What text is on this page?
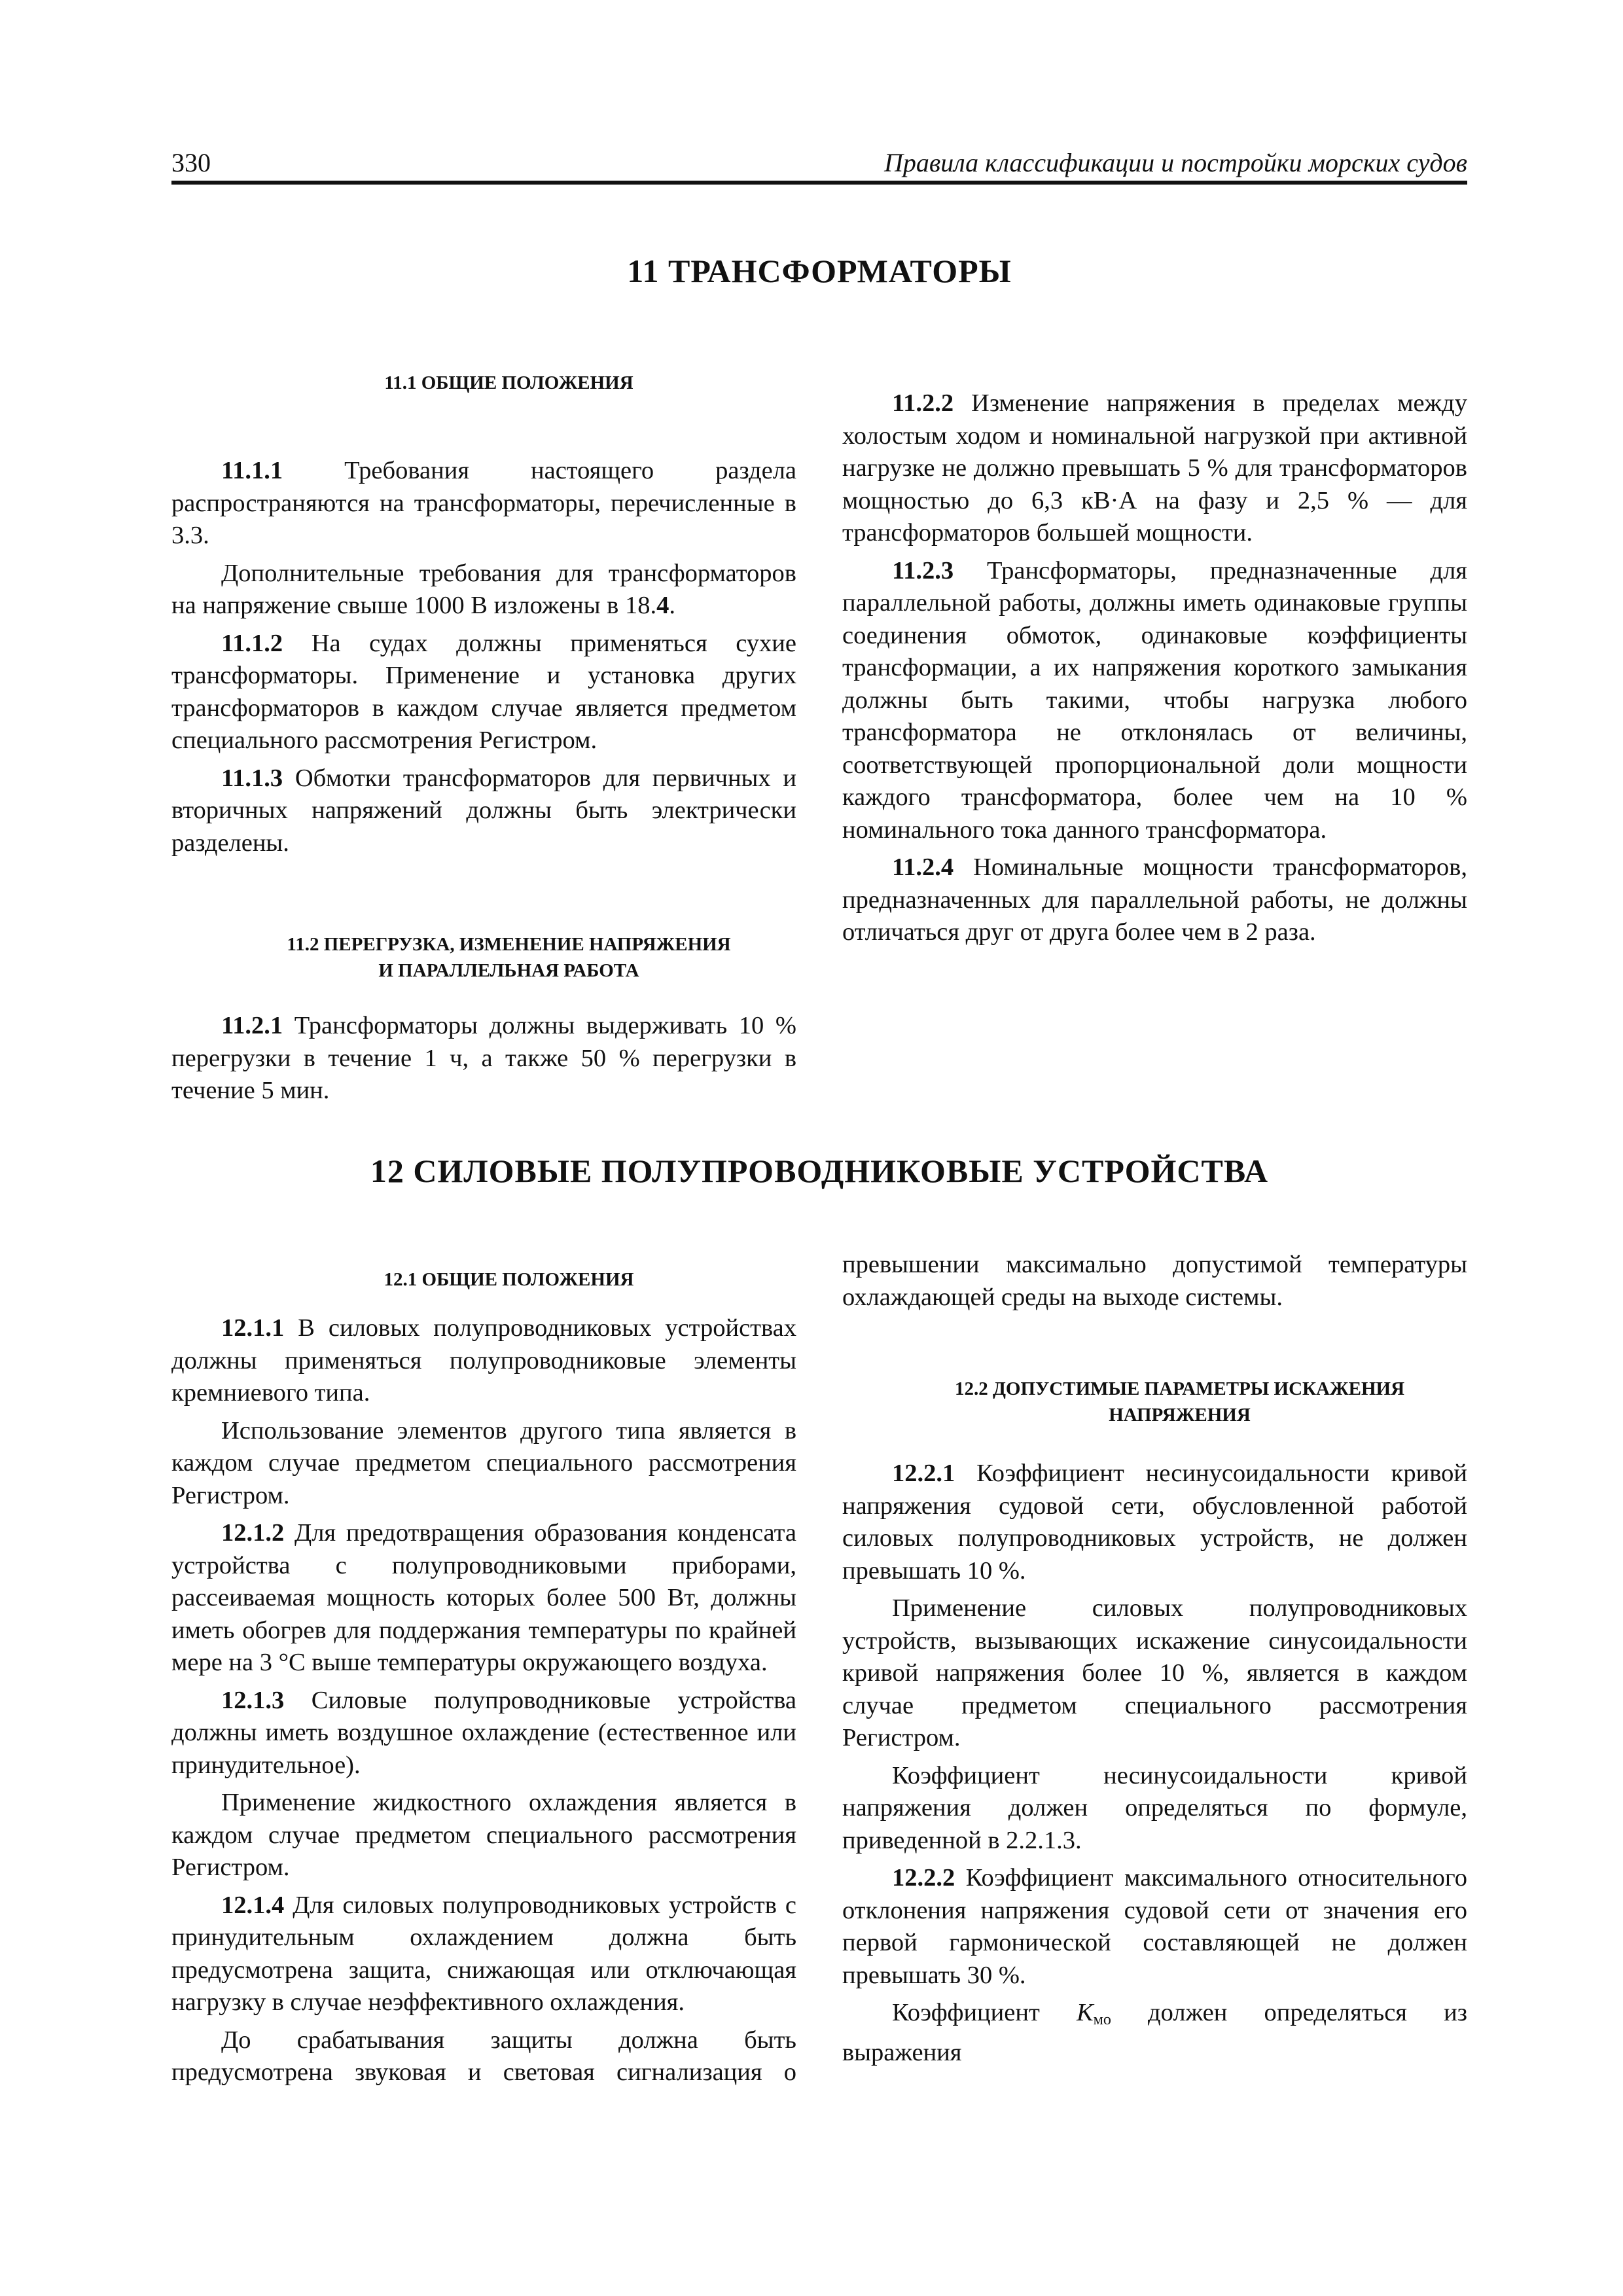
330	Правила классификации и постройки морских судов
11 ТРАНСФОРМАТОРЫ

11.1 ОБЩИЕ ПОЛОЖЕНИЯ

11.1.1 Требования настоящего раздела распространяются на трансформаторы, перечисленные в 3.3.

Дополнительные требования для трансформаторов на напряжение свыше 1000 В изложены в 18.4.

11.1.2 На судах должны применяться сухие трансформаторы. Применение и установка других трансформаторов в каждом случае является предметом специального рассмотрения Регистром.

11.1.3 Обмотки трансформаторов для первичных и вторичных напряжений должны быть электрически разделены.

11.2 ПЕРЕГРУЗКА, ИЗМЕНЕНИЕ НАПРЯЖЕНИЯ
И ПАРАЛЛЕЛЬНАЯ РАБОТА

11.2.1 Трансформаторы должны выдерживать 10 % перегрузки в течение 1 ч, а также 50 % перегрузки в течение 5 мин.

11.2.2 Изменение напряжения в пределах между холостым ходом и номинальной нагрузкой при активной нагрузке не должно превышать 5 % для трансформаторов мощностью до 6,3 кВ·А на фазу и 2,5 % — для трансформаторов большей мощности.

11.2.3 Трансформаторы, предназначенные для параллельной работы, должны иметь одинаковые группы соединения обмоток, одинаковые коэффициенты трансформации, а их напряжения короткого замыкания должны быть такими, чтобы нагрузка любого трансформатора не отклонялась от величины, соответствующей пропорциональной доли мощности каждого трансформатора, более чем на 10 % номинального тока данного трансформатора.

11.2.4 Номинальные мощности трансформаторов, предназначенных для параллельной работы, не должны отличаться друг от друга более чем в 2 раза.

12 СИЛОВЫЕ ПОЛУПРОВОДНИКОВЫЕ УСТРОЙСТВА

12.1 ОБЩИЕ ПОЛОЖЕНИЯ

12.1.1 В силовых полупроводниковых устройствах должны применяться полупроводниковые элементы кремниевого типа.

Использование элементов другого типа является в каждом случае предметом специального рассмотрения Регистром.

12.1.2 Для предотвращения образования конденсата устройства с полупроводниковыми приборами, рассеиваемая мощность которых более 500 Вт, должны иметь обогрев для поддержания температуры по крайней мере на 3 °С выше температуры окружающего воздуха.

12.1.3 Силовые полупроводниковые устройства должны иметь воздушное охлаждение (естественное или принудительное).

Применение жидкостного охлаждения является в каждом случае предметом специального рассмотрения Регистром.

12.1.4 Для силовых полупроводниковых устройств с принудительным охлаждением должна быть предусмотрена защита, снижающая или отключающая нагрузку в случае неэффективного охлаждения.

До срабатывания защиты должна быть предусмотрена звуковая и световая сигнализация о

превышении максимально допустимой температуры охлаждающей среды на выходе системы.

12.2 ДОПУСТИМЫЕ ПАРАМЕТРЫ ИСКАЖЕНИЯ
НАПРЯЖЕНИЯ

12.2.1 Коэффициент несинусоидальности кривой напряжения судовой сети, обусловленной работой силовых полупроводниковых устройств, не должен превышать 10 %.

Применение силовых полупроводниковых устройств, вызывающих искажение синусоидальности кривой напряжения более 10 %, является в каждом случае предметом специального рассмотрения Регистром.

Коэффициент несинусоидальности кривой напряжения должен определяться по формуле, приведенной в 2.2.1.3.

12.2.2 Коэффициент максимального относительного отклонения напряжения судовой сети от значения его первой гармонической составляющей не должен превышать 30 %.

Коэффициент $K_{мо}$ должен определяться из выражения
